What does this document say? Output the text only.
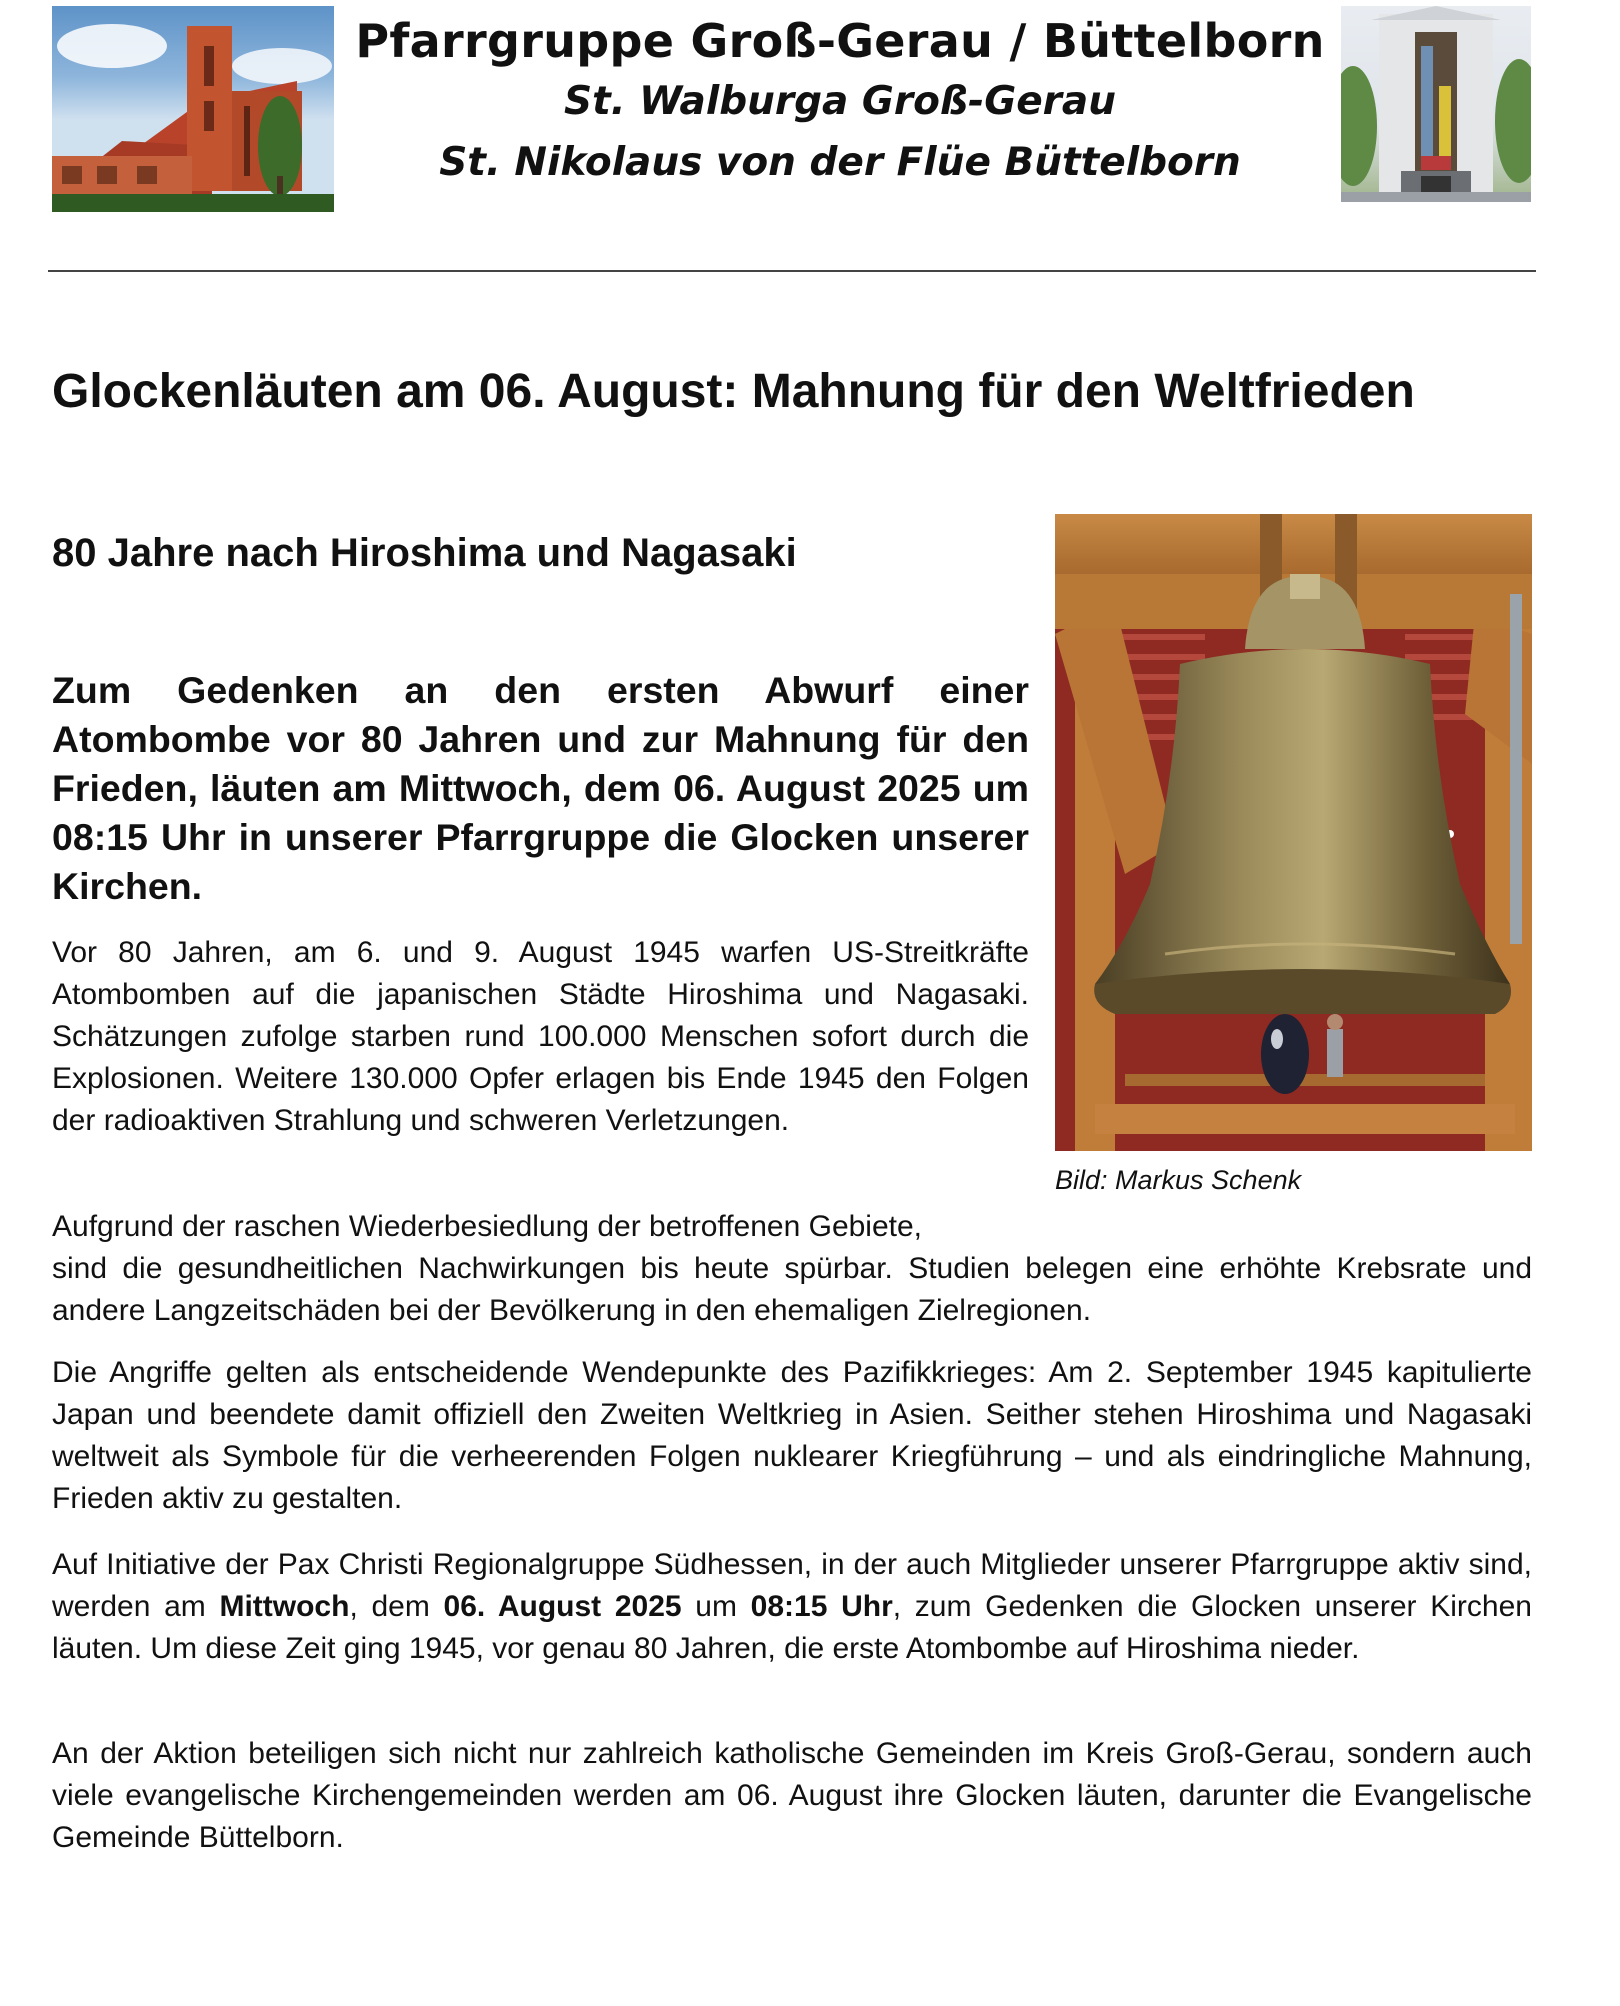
Pfarrgruppe Groß-Gerau / Büttelborn
St. Walburga Groß-Gerau
St. Nikolaus von der Flüe Büttelborn
Glockenläuten am 06. August: Mahnung für den Weltfrieden
80 Jahre nach Hiroshima und Nagasaki
Bild: Markus Schenk
Zum Gedenken an den ersten Abwurf einer Atombombe vor 80 Jahren und zur Mahnung für den Frieden, läuten am Mittwoch, dem 06. August 2025 um 08:15 Uhr in unserer Pfarrgruppe die Glocken unserer Kirchen.
Vor 80 Jahren, am 6. und 9. August 1945 warfen US-Streitkräfte Atombomben auf die japanischen Städte Hiroshima und Nagasaki. Schätzungen zufolge starben rund 100.000 Menschen sofort durch die Explosionen. Weitere 130.000 Opfer erlagen bis Ende 1945 den Folgen der radioaktiven Strahlung und schweren Verletzungen.
Aufgrund der raschen Wiederbesiedlung der betroffenen Gebiete,
sind die gesundheitlichen Nachwirkungen bis heute spürbar. Studien belegen eine erhöhte Krebsrate und andere Langzeitschäden bei der Bevölkerung in den ehemaligen Zielregionen.
Die Angriffe gelten als entscheidende Wendepunkte des Pazifikkrieges: Am 2. September 1945 kapitulierte Japan und beendete damit offiziell den Zweiten Weltkrieg in Asien. Seither stehen Hiroshima und Nagasaki weltweit als Symbole für die verheerenden Folgen nuklearer Kriegführung – und als eindringliche Mahnung, Frieden aktiv zu gestalten.
Auf Initiative der Pax Christi Regionalgruppe Südhessen, in der auch Mitglieder unserer Pfarrgruppe aktiv sind, werden am Mittwoch, dem 06. August 2025 um 08:15 Uhr, zum Gedenken die Glocken unserer Kirchen läuten. Um diese Zeit ging 1945, vor genau 80 Jahren, die erste Atombombe auf Hiroshima nieder.
An der Aktion beteiligen sich nicht nur zahlreich katholische Gemeinden im Kreis Groß-Gerau, sondern auch viele evangelische Kirchengemeinden werden am 06. August ihre Glocken läuten, darunter die Evangelische Gemeinde Büttelborn.
